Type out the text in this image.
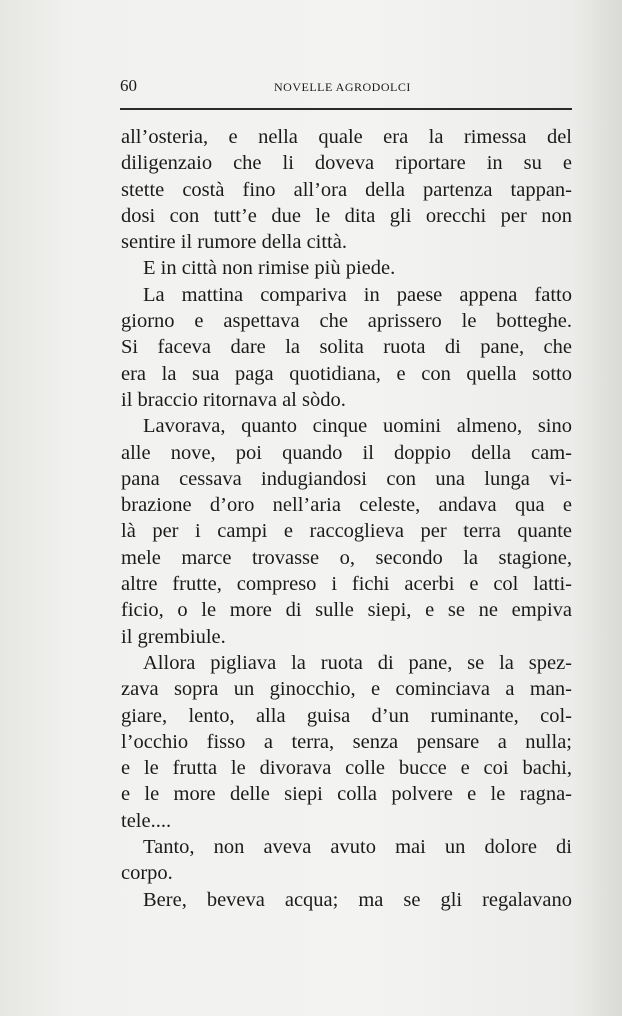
60	NOVELLE AGRODOLCI
all’osteria, e nella quale era la rimessa del
diligenzaio che li doveva riportare in su e
stette costà fino all’ora della partenza tappan-
dosi con tutt’e due le dita gli orecchi per non
sentire il rumore della città.
E in città non rimise più piede.
La mattina compariva in paese appena fatto
giorno e aspettava che aprissero le botteghe.
Si faceva dare la solita ruota di pane, che
era la sua paga quotidiana, e con quella sotto
il braccio ritornava al sòdo.
Lavorava, quanto cinque uomini almeno, sino
alle nove, poi quando il doppio della cam-
pana cessava indugiandosi con una lunga vi-
brazione d’oro nell’aria celeste, andava qua e
là per i campi e raccoglieva per terra quante
mele marce trovasse o, secondo la stagione,
altre frutte, compreso i fichi acerbi e col latti-
ficio, o le more di sulle siepi, e se ne empiva
il grembiule.
Allora pigliava la ruota di pane, se la spez-
zava sopra un ginocchio, e cominciava a man-
giare, lento, alla guisa d’un ruminante, col-
l’occhio fisso a terra, senza pensare a nulla;
e le frutta le divorava colle bucce e coi bachi,
e le more delle siepi colla polvere e le ragna-
tele....
Tanto, non aveva avuto mai un dolore di
corpo.
Bere, beveva acqua; ma se gli regalavano
